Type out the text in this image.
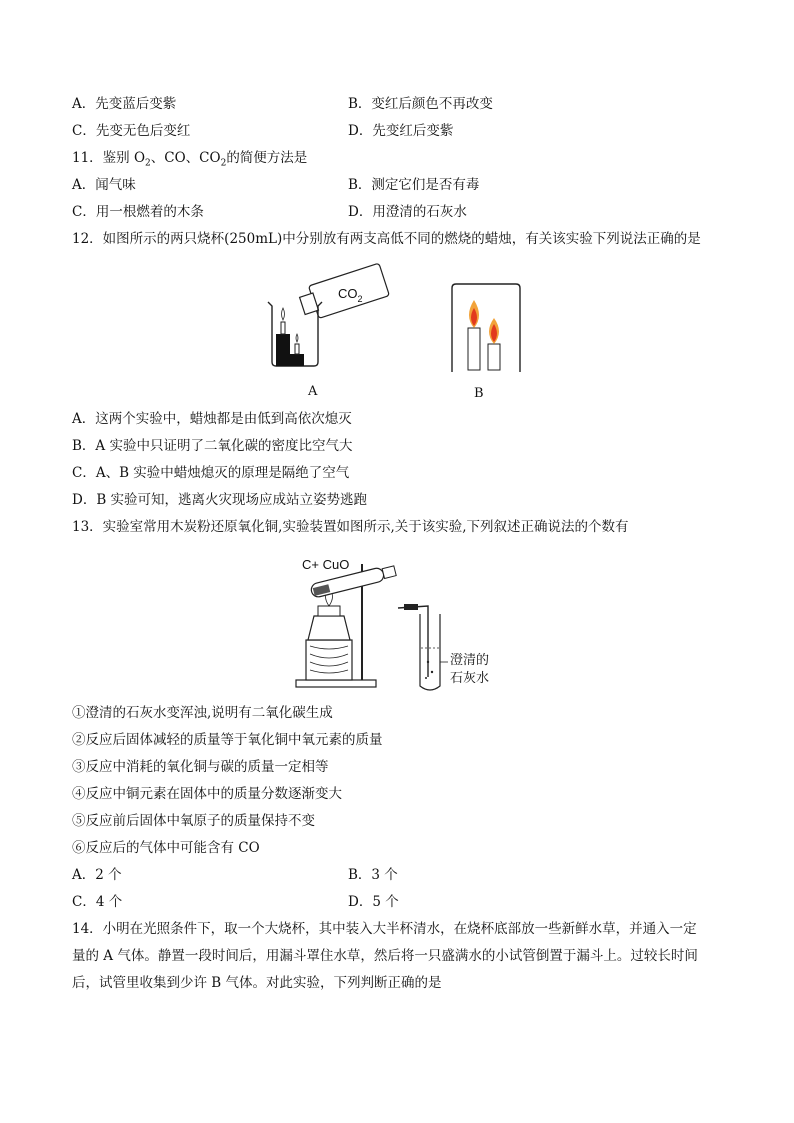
A．先变蓝后变紫	B．变红后颜色不再改变
C．先变无色后变红	D．先变红后变紫
11．鉴别 $O_2$、CO、$CO_2$的简便方法是
A．闻气味	B．测定它们是否有毒
C．用一根燃着的木条	D．用澄清的石灰水
12．如图所示的两只烧杯(250mL)中分别放有两支高低不同的燃烧的蜡烛，有关该实验下列说法正确的是
$CO_2$
A	B
A．这两个实验中，蜡烛都是由低到高依次熄灭
B．A 实验中只证明了二氧化碳的密度比空气大
C．A、B 实验中蜡烛熄灭的原理是隔绝了空气
D．B 实验可知，逃离火灾现场应成站立姿势逃跑
13．实验室常用木炭粉还原氧化铜,实验装置如图所示,关于该实验,下列叙述正确说法的个数有
C+ CuO
澄清的
石灰水
①澄清的石灰水变浑浊,说明有二氧化碳生成
②反应后固体减轻的质量等于氧化铜中氧元素的质量
③反应中消耗的氧化铜与碳的质量一定相等
④反应中铜元素在固体中的质量分数逐渐变大
⑤反应前后固体中氧原子的质量保持不变
⑥反应后的气体中可能含有 CO
A．2 个	B．3 个
C．4 个	D．5 个
14．小明在光照条件下，取一个大烧杯，其中装入大半杯清水，在烧杯底部放一些新鲜水草，并通入一定
量的 A 气体。静置一段时间后，用漏斗罩住水草，然后将一只盛满水的小试管倒置于漏斗上。过较长时间
后，试管里收集到少许 B 气体。对此实验，下列判断正确的是
